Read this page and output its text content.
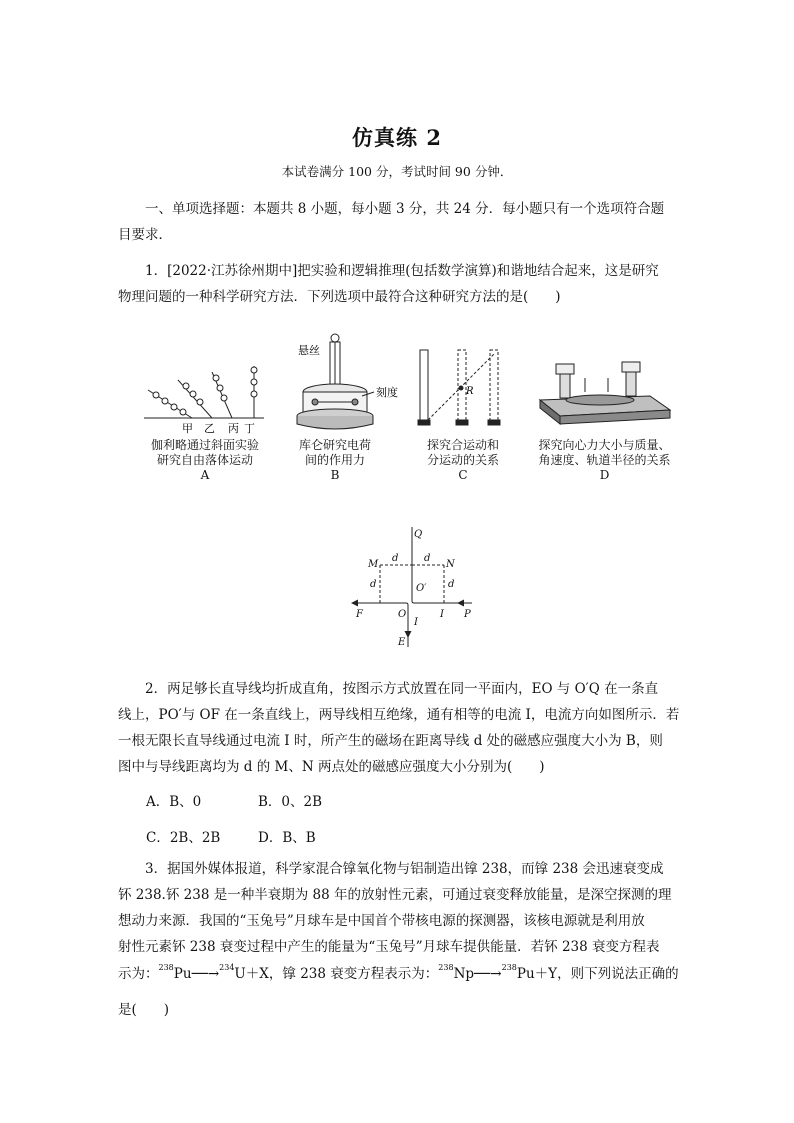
仿真练 2
本试卷满分 100 分，考试时间 90 分钟．
一、单项选择题：本题共 8 小题，每小题 3 分，共 24 分．每小题只有一个选项符合题
目要求．
1．[2022·江苏徐州期中]把实验和逻辑推理(包括数学演算)和谐地结合起来，这是研究
物理问题的一种科学研究方法．下列选项中最符合这种研究方法的是(　　)
悬丝
刻度	R
甲 乙 丙 丁
伽利略通过斜面实验
研究自由落体运动
A
库仑研究电荷
间的作用力
B
探究合运动和
分运动的关系
C
探究向心力大小与质量、
角速度、轨道半径的关系
D
Q
M	N
d	d
d	d
O′
O
F	P
I
I
E
2．两足够长直导线均折成直角，按图示方式放置在同一平面内，EO 与 O′Q 在一条直
线上，PO′与 OF 在一条直线上，两导线相互绝缘，通有相等的电流 I，电流方向如图所示．若
一根无限长直导线通过电流 I 时，所产生的磁场在距离导线 d 处的磁感应强度大小为 B，则
图中与导线距离均为 d 的 M、N 两点处的磁感应强度大小分别为(　　)
A．B、0	B．0、2B
C．2B、2B	D．B、B
3．据国外媒体报道，科学家混合镎氧化物与铝制造出镎 238，而镎 238 会迅速衰变成
钚 238.钚 238 是一种半衰期为 88 年的放射性元素，可通过衰变释放能量，是深空探测的理
想动力来源．我国的“玉兔号”月球车是中国首个带核电源的探测器，该核电源就是利用放
射性元素钚 238 衰变过程中产生的能量为“玉兔号”月球车提供能量．若钚 238 衰变方程表
示为：$^{238}$Pu──→$^{234}$U＋X，镎 238 衰变方程表示为：$^{238}$Np──→$^{238}$Pu＋Y，则下列说法正确的
是(　　)
